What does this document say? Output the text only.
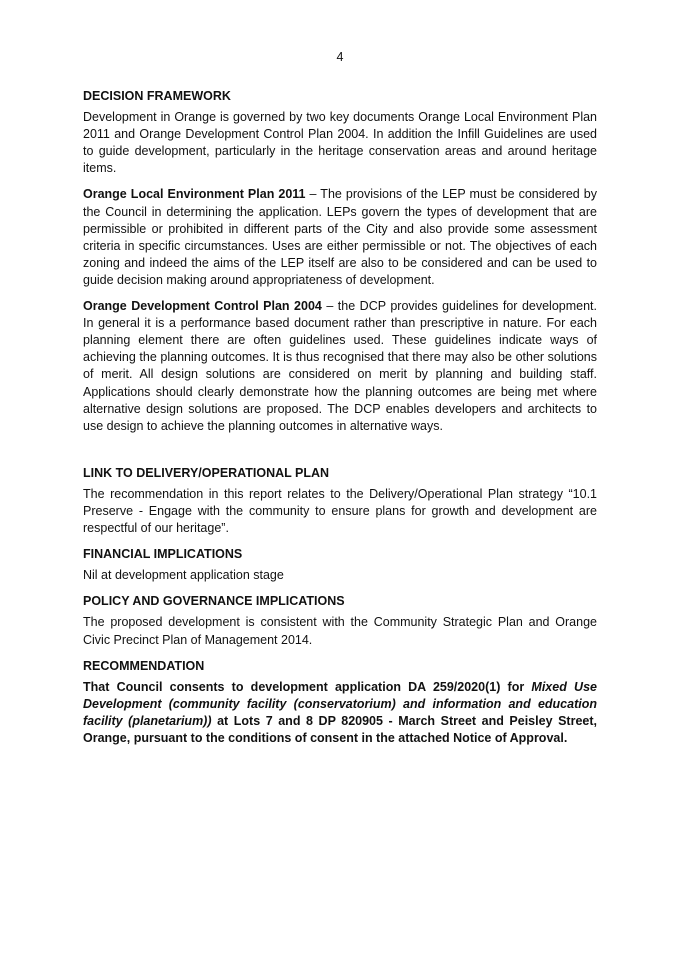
4
DECISION FRAMEWORK

Development in Orange is governed by two key documents Orange Local Environment Plan 2011 and Orange Development Control Plan 2004. In addition the Infill Guidelines are used to guide development, particularly in the heritage conservation areas and around heritage items.

Orange Local Environment Plan 2011 – The provisions of the LEP must be considered by the Council in determining the application. LEPs govern the types of development that are permissible or prohibited in different parts of the City and also provide some assessment criteria in specific circumstances. Uses are either permissible or not. The objectives of each zoning and indeed the aims of the LEP itself are also to be considered and can be used to guide decision making around appropriateness of development.

Orange Development Control Plan 2004 – the DCP provides guidelines for development. In general it is a performance based document rather than prescriptive in nature. For each planning element there are often guidelines used. These guidelines indicate ways of achieving the planning outcomes. It is thus recognised that there may also be other solutions of merit. All design solutions are considered on merit by planning and building staff. Applications should clearly demonstrate how the planning outcomes are being met where alternative design solutions are proposed. The DCP enables developers and architects to use design to achieve the planning outcomes in alternative ways.

LINK TO DELIVERY/OPERATIONAL PLAN

The recommendation in this report relates to the Delivery/Operational Plan strategy “10.1 Preserve - Engage with the community to ensure plans for growth and development are respectful of our heritage”.

FINANCIAL IMPLICATIONS

Nil at development application stage

POLICY AND GOVERNANCE IMPLICATIONS

The proposed development is consistent with the Community Strategic Plan and Orange Civic Precinct Plan of Management 2014.

RECOMMENDATION

That Council consents to development application DA 259/2020(1) for Mixed Use Development (community facility (conservatorium) and information and education facility (planetarium)) at Lots 7 and 8 DP 820905 - March Street and Peisley Street, Orange, pursuant to the conditions of consent in the attached Notice of Approval.
